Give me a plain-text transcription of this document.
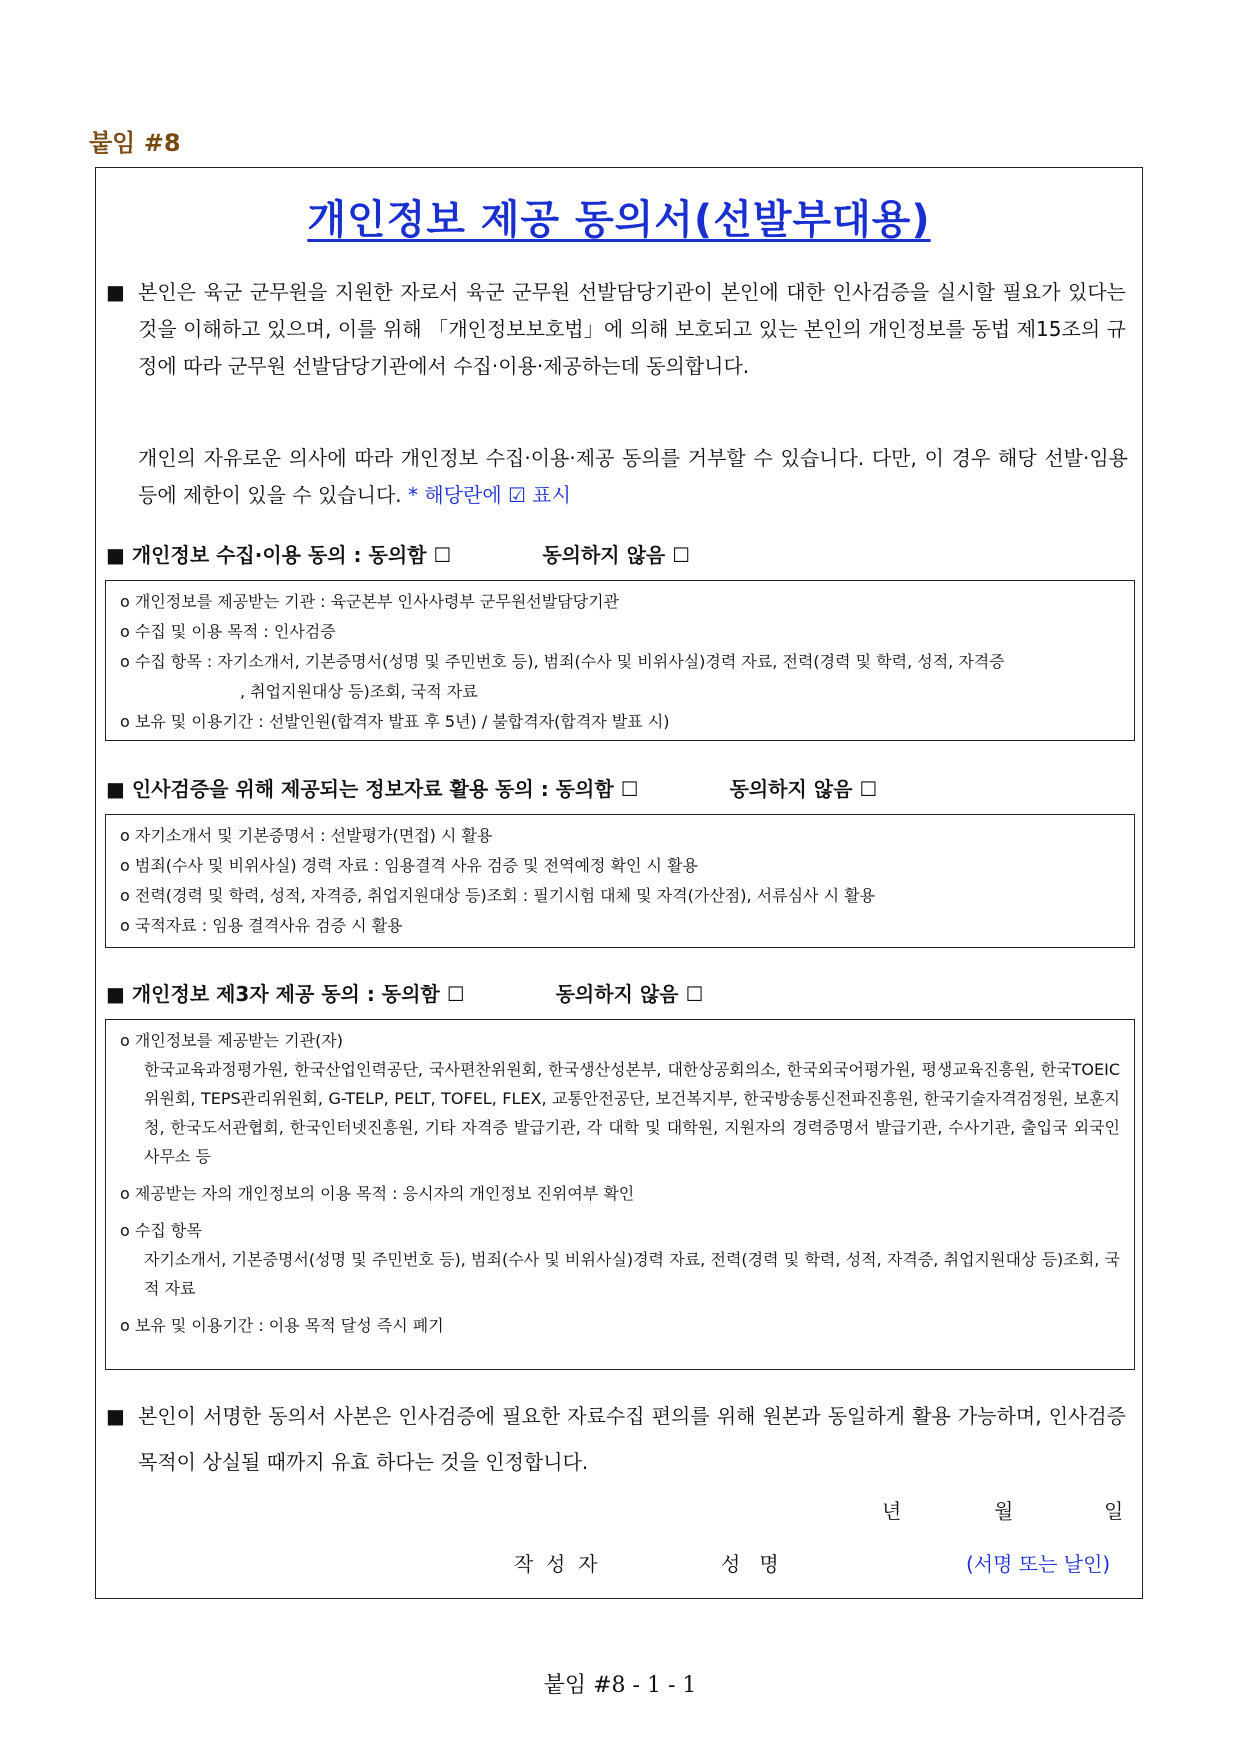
붙임 #8
개인정보 제공 동의서(선발부대용)
■ 본인은 육군 군무원을 지원한 자로서 육군 군무원 선발담당기관이 본인에 대한 인사검증을 실시할 필요가 있다는 것을 이해하고 있으며, 이를 위해 「개인정보보호법」에 의해 보호되고 있는 본인의 개인정보를 동법 제15조의 규정에 따라 군무원 선발담당기관에서 수집·이용·제공하는데 동의합니다.
개인의 자유로운 의사에 따라 개인정보 수집·이용·제공 동의를 거부할 수 있습니다. 다만, 이 경우 해당 선발·임용 등에 제한이 있을 수 있습니다. * 해당란에 ☑ 표시
■ 개인정보 수집·이용 동의 : 동의함 ☐	동의하지 않음 ☐
o 개인정보를 제공받는 기관 : 육군본부 인사사령부 군무원선발담당기관
o 수집 및 이용 목적 : 인사검증
o 수집 항목 : 자기소개서, 기본증명서(성명 및 주민번호 등), 범죄(수사 및 비위사실)경력 자료, 전력(경력 및 학력, 성적, 자격증
, 취업지원대상 등)조회, 국적 자료
o 보유 및 이용기간 : 선발인원(합격자 발표 후 5년) / 불합격자(합격자 발표 시)
■ 인사검증을 위해 제공되는 정보자료 활용 동의 : 동의함 ☐	동의하지 않음 ☐
o 자기소개서 및 기본증명서 : 선발평가(면접) 시 활용
o 범죄(수사 및 비위사실) 경력 자료 : 임용결격 사유 검증 및 전역예정 확인 시 활용
o 전력(경력 및 학력, 성적, 자격증, 취업지원대상 등)조회 : 필기시험 대체 및 자격(가산점), 서류심사 시 활용
o 국적자료 : 임용 결격사유 검증 시 활용
■ 개인정보 제3자 제공 동의 : 동의함 ☐	동의하지 않음 ☐
o 개인정보를 제공받는 기관(자)
한국교육과정평가원, 한국산업인력공단, 국사편찬위원회, 한국생산성본부, 대한상공회의소, 한국외국어평가원, 평생교육진흥원, 한국TOEIC위원회, TEPS관리위원회, G-TELP, PELT, TOFEL, FLEX, 교통안전공단, 보건복지부, 한국방송통신전파진흥원, 한국기술자격검정원, 보훈지청, 한국도서관협회, 한국인터넷진흥원, 기타 자격증 발급기관, 각 대학 및 대학원, 지원자의 경력증명서 발급기관, 수사기관, 출입국 외국인사무소 등
o 제공받는 자의 개인정보의 이용 목적 : 응시자의 개인정보 진위여부 확인
o 수집 항목
자기소개서, 기본증명서(성명 및 주민번호 등), 범죄(수사 및 비위사실)경력 자료, 전력(경력 및 학력, 성적, 자격증, 취업지원대상 등)조회, 국적 자료
o 보유 및 이용기간 : 이용 목적 달성 즉시 폐기
■ 본인이 서명한 동의서 사본은 인사검증에 필요한 자료수집 편의를 위해 원본과 동일하게 활용 가능하며, 인사검증 목적이 상실될 때까지 유효 하다는 것을 인정합니다.
년	월	일
작  성  자	성   명	(서명 또는 날인)
붙임 #8 - 1 - 1
